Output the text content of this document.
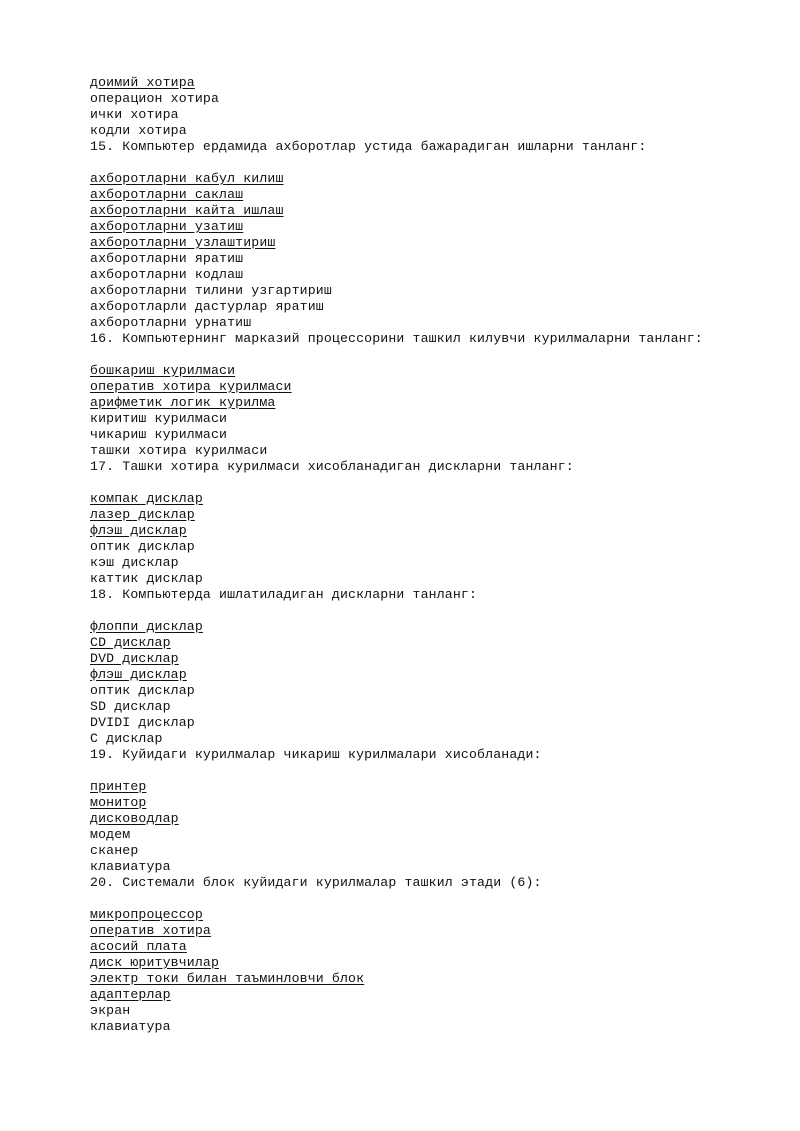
доимий хотира
операцион хотира
ички хотира
кодли хотира
15. Компьютер ердамида ахборотлар устида бажарадиган ишларни танланг:
ахборотларни кабул килиш
ахборотларни саклаш
ахборотларни кайта ишлаш
ахборотларни узатиш
ахборотларни узлаштириш
ахборотларни яратиш
ахборотларни кодлаш
ахборотларни тилини узгартириш
ахборотларли дастурлар яратиш
ахборотларни урнатиш
16. Компьютернинг марказий процессорини ташкил килувчи курилмаларни танланг:
бошкариш курилмаси
оператив хотира курилмаси
арифметик логик курилма
киритиш курилмаси
чикариш курилмаси
ташки хотира курилмаси
17. Ташки хотира курилмаси хисобланадиган дискларни танланг:
компак дисклар
лазер дисклар
флэш дисклар
оптик дисклар
кэш дисклар
каттик дисклар
18. Компьютерда ишлатиладиган дискларни танланг:
флоппи дисклар
CD дисклар
DVD дисклар
флэш дисклар
оптик дисклар
SD дисклар
DVIDI дисклар
С дисклар
19. Куйидаги курилмалар чикариш курилмалари хисобланади:
принтер
монитор
дисководлар
модем
сканер
клавиатура
20. Системали блок куйидаги курилмалар ташкил этади (6):
микропроцессор
оператив хотира
асосий плата
диск юритувчилар
электр токи билан таъминловчи блок
адаптерлар
экран
клавиатура
